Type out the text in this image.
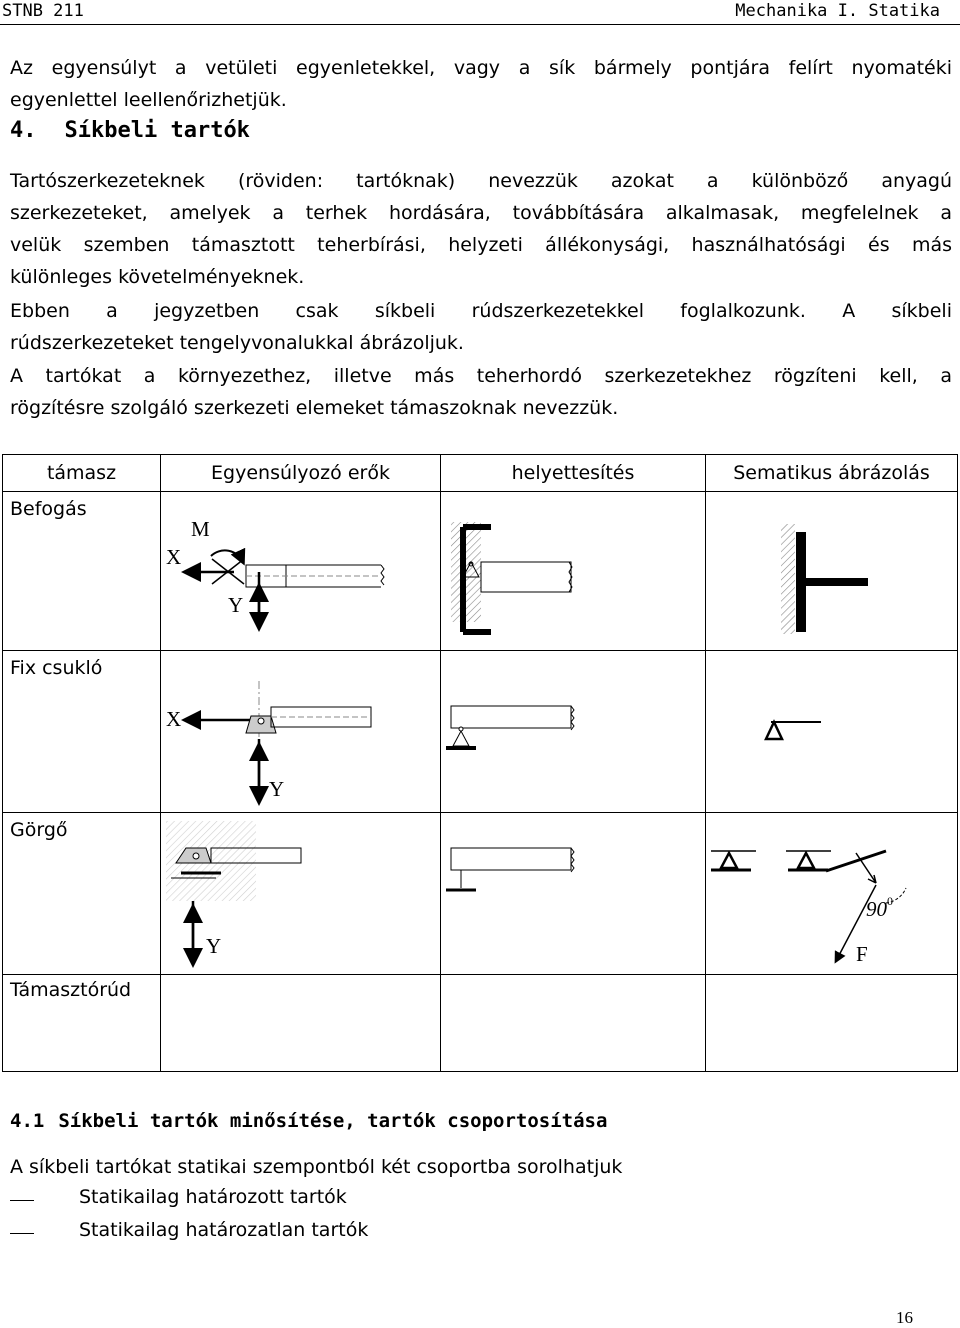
STNB 211	Mechanika I. Statika
Az egyensúlyt a vetületi egyenletekkel, vagy a sík bármely pontjára felírt nyomatéki
egyenlettel leellenőrizhetjük.
4. Síkbeli tartók
Tartószerkezeteknek (röviden: tartóknak) nevezzük azokat a különböző anyagú
szerkezeteket, amelyek a terhek hordására, továbbítására alkalmasak, megfelelnek a
velük szemben támasztott teherbírási, helyzeti állékonysági, használhatósági és más
különleges követelményeknek.
Ebben a jegyzetben csak síkbeli rúdszerkezetekkel foglalkozunk. A síkbeli
rúdszerkezeteket tengelyvonalukkal ábrázoljuk.
A tartókat a környezethez, illetve más teherhordó szerkezetekhez rögzíteni kell, a
rögzítésre szolgáló szerkezeti elemeket támaszoknak nevezzük.
támasz	Egyensúlyozó erők	helyettesítés	Sematikus ábrázolás

Befogás	X
M
Y

Fix csukló	X
Y

Görgő	Y		90 0
F

Támasztórúd			

4.1 Síkbeli tartók minősítése, tartók csoportosítása
A síkbeli tartókat statikai szempontból két csoportba sorolhatjuk
Statikailag határozott tartók
Statikailag határozatlan tartók
16
